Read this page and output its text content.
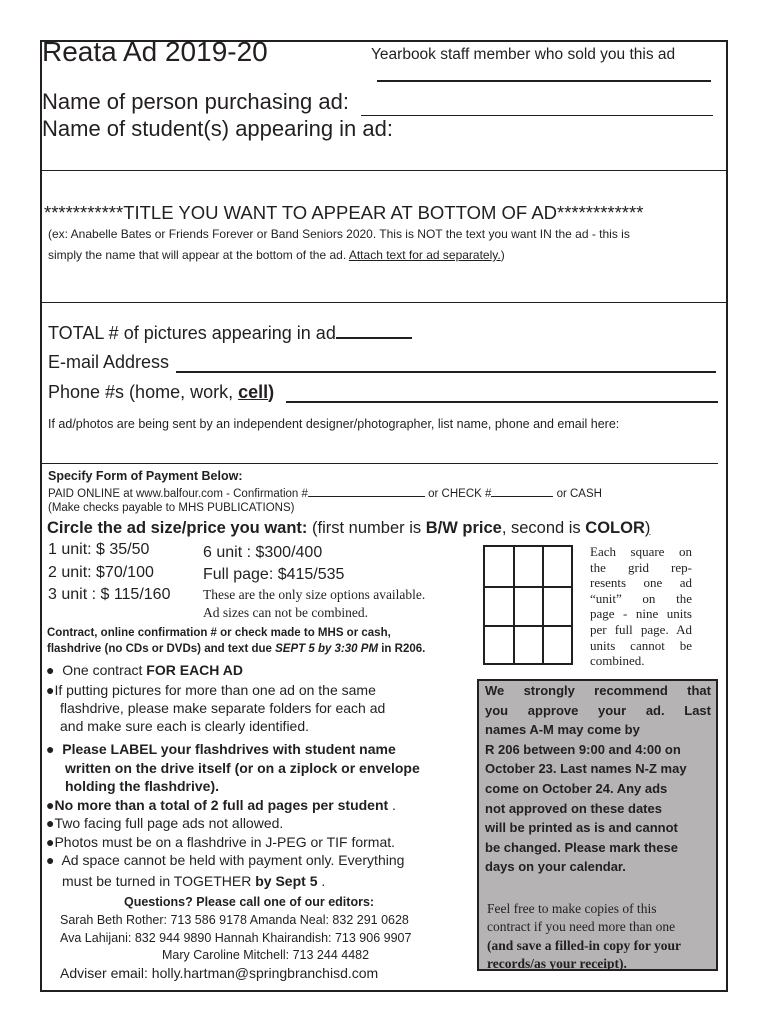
Reata Ad 2019-20	Yearbook staff member who sold you this ad
Name of person purchasing ad:
Name of student(s) appearing in ad:
***********TITLE YOU WANT TO APPEAR AT BOTTOM OF AD************
(ex: Anabelle Bates or Friends Forever or Band Seniors 2020. This is NOT the text you want IN the ad - this is
simply the name that will appear at the bottom of the ad. Attach text for ad separately.)
TOTAL # of pictures appearing in ad
E-mail Address
Phone #s (home, work, cell)
If ad/photos are being sent by an independent designer/photographer, list name, phone and email here:
Specify Form of Payment Below:
PAID ONLINE at www.balfour.com - Confirmation #	or CHECK #	or CASH
(Make checks payable to MHS PUBLICATIONS)
Circle the ad size/price you want: (first number is B/W price, second is COLOR)
1 unit: $ 35/50
2 unit: $70/100
3 unit : $ 115/160
6 unit : $300/400
Full page: $415/535
These are the only size options available.
Ad sizes can not be combined.
Each square on
the grid rep-
resents one ad
“unit” on the
page - nine units
per full page. Ad
units cannot be
combined.
Contract, online confirmation # or check made to MHS or cash,
flashdrive (no CDs or DVDs) and text due SEPT 5 by 3:30 PM in R206.
●  One contract FOR EACH AD
●If putting pictures for more than one ad on the same
flashdrive, please make separate folders for each ad
and make sure each is clearly identified.
●  Please LABEL your flashdrives with student name
written on the drive itself (or on a ziplock or envelope
holding the flashdrive).
●No more than a total of 2 full ad pages per student .
●Two facing full page ads not allowed.
●Photos must be on a flashdrive in J-PEG or TIF format.
●  Ad space cannot be held with payment only. Everything
must be turned in TOGETHER by Sept 5 .
Questions? Please call one of our editors:
Sarah Beth Rother: 713 586 9178 Amanda Neal: 832 291 0628
Ava Lahijani: 832 944 9890 Hannah Khairandish: 713 906 9907
Mary Caroline Mitchell: 713 244 4482
Adviser email: holly.hartman@springbranchisd.com
We strongly recommend that
you approve your ad. Last
names A-M may come by
R 206 between 9:00 and 4:00 on
October 23. Last names N-Z may
come on October 24. Any ads
not approved on these dates
will be printed as is and cannot
be changed. Please mark these
days on your calendar.
Feel free to make copies of this
contract if you need more than one
(and save a filled-in copy for your
records/as your receipt).
